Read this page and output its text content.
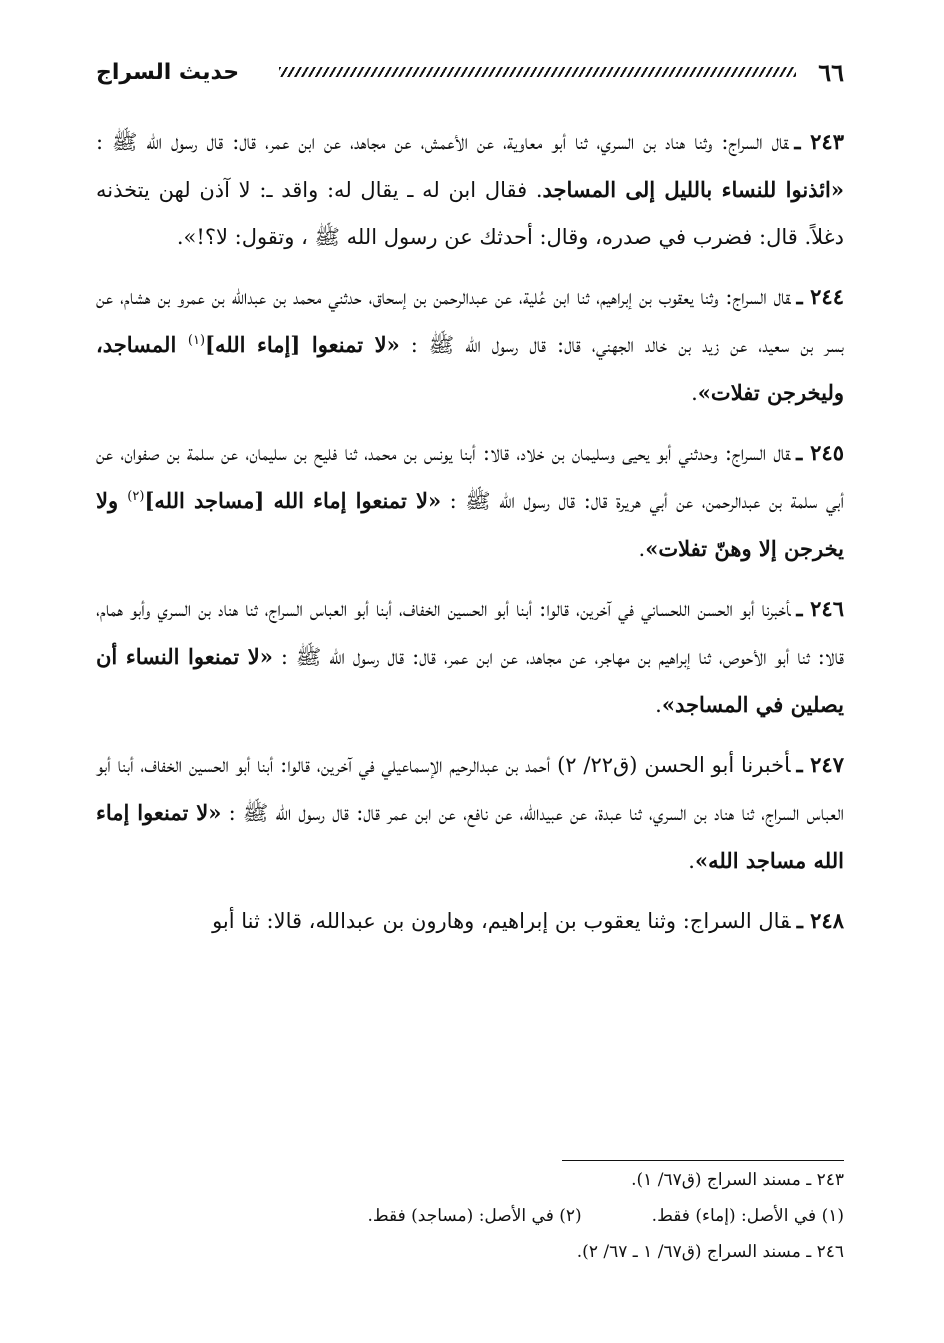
٦٦
حديث السراج

٢٤٣ ـقال السراج: وثنا هناد بن السري، ثنا أبو معاوية، عن الأعمش، عن مجاهد، عن ابن عمر، قال: قال رسول الله ﷺ : «ائذنوا للنساء بالليل إلى المساجد. فقال ابن له ـ يقال له: واقد ـ: لا آذن لهن يتخذنه دغلاً. قال: فضرب في صدره، وقال: أحدثك عن رسول الله ﷺ ، وتقول: لا؟!».

٢٤٤ ـقال السراج: وثنا يعقوب بن إبراهيم، ثنا ابن عُلية، عن عبدالرحمن بن إسحاق، حدثني محمد بن عبدالله بن عمرو بن هشام، عن بسر بن سعيد، عن زيد بن خالد الجهني، قال: قال رسول الله ﷺ : «لا تمنعوا [إماء الله]$^{(١)}$ المساجد، وليخرجن تفلات».

٢٤٥ ـقال السراج: وحدثني أبو يحيى وسليمان بن خلاد، قالا: أبنا يونس بن محمد، ثنا فليح بن سليمان، عن سلمة بن صفوان، عن أبي سلمة بن عبدالرحمن، عن أبي هريرة قال: قال رسول الله ﷺ : «لا تمنعوا إماء الله [مساجد الله]$^{(٢)}$ ولا يخرجن إلا وهنّ تفلات».

٢٤٦ ـأخبرنا أبو الحسن اللحساني في آخرين، قالوا: أبنا أبو الحسين الخفاف، أبنا أبو العباس السراج، ثنا هناد بن السري وأبو همام، قالا: ثنا أبو الأحوص، ثنا إبراهيم بن مهاجر، عن مجاهد، عن ابن عمر، قال: قال رسول الله ﷺ : «لا تمنعوا النساء أن يصلين في المساجد».

٢٤٧ ـأخبرنا أبو الحسن (ق٢٢/ ٢) أحمد بن عبدالرحيم الإسماعيلي في آخرين، قالوا: أبنا أبو الحسين الخفاف، أبنا أبو العباس السراج، ثنا هناد بن السري، ثنا عبدة، عن عبيدالله، عن نافع، عن ابن عمر قال: قال رسول الله ﷺ : «لا تمنعوا إماء الله مساجد الله».

٢٤٨ ـقال السراج: وثنا يعقوب بن إبراهيم، وهارون بن عبدالله، قالا: ثنا أبو
٢٤٣ ـ مسند السراج (ق٦٧/ ١).
(١) في الأصل: (إماء) فقط.
(٢) في الأصل: (مساجد) فقط.
٢٤٦ ـ مسند السراج (ق٦٧/ ١ ـ ٦٧/ ٢).
